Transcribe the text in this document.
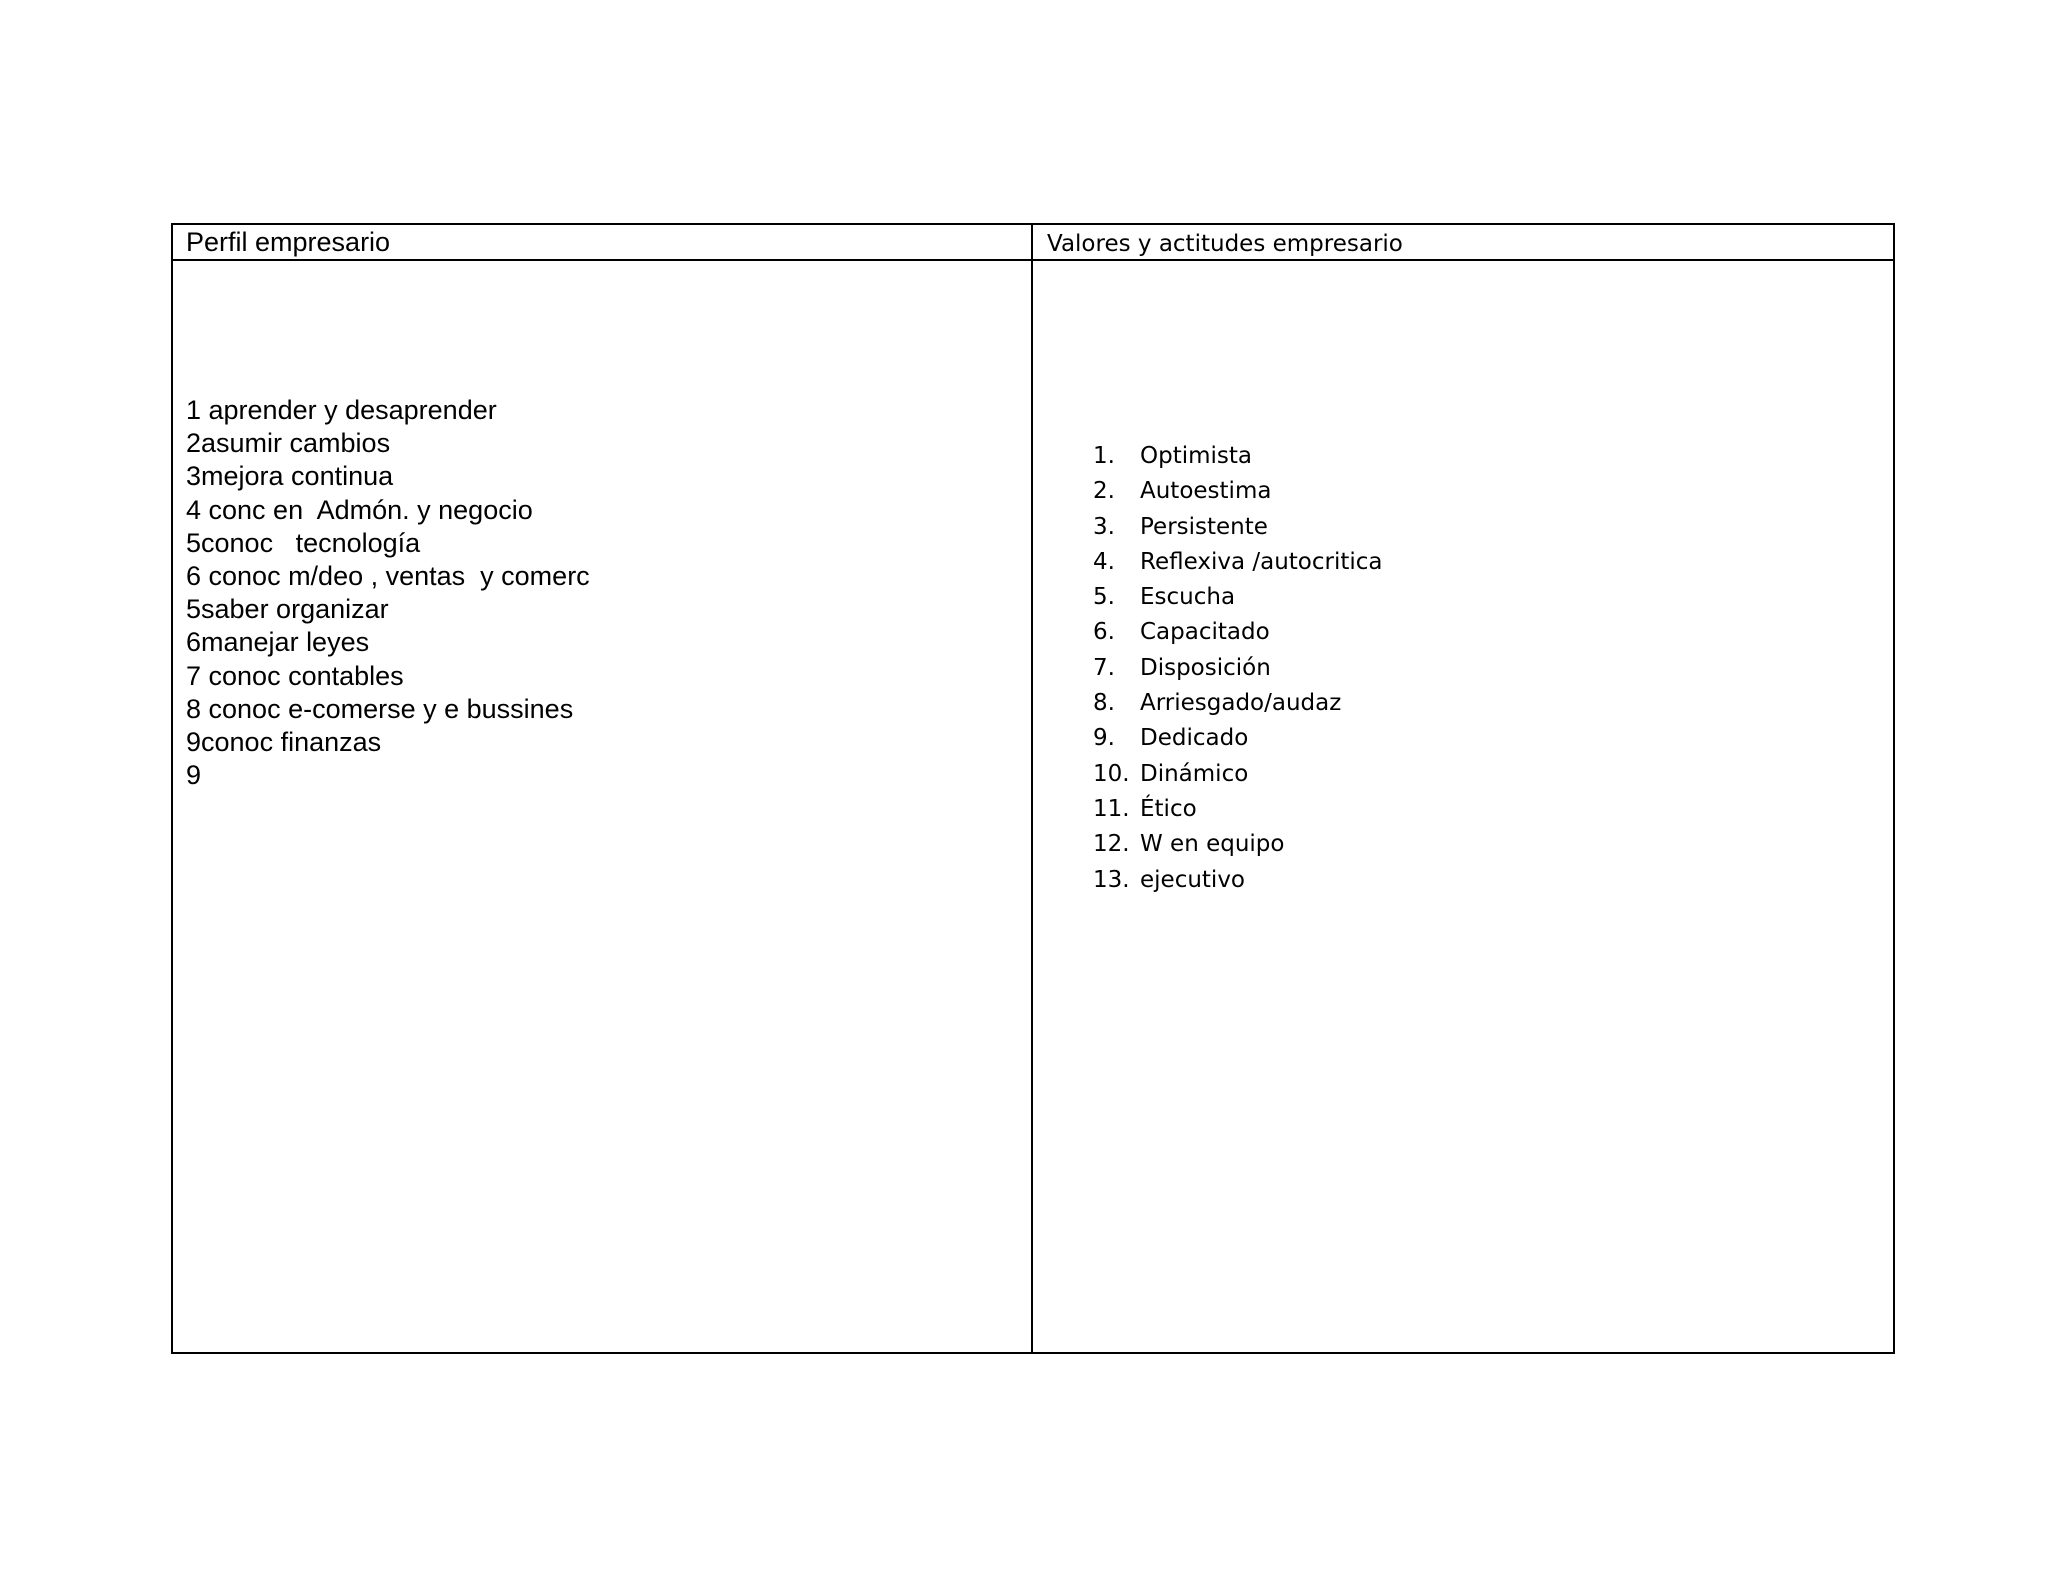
Perfil empresario	Valores y actitudes empresario
1 aprender y desaprender
2asumir cambios
3mejora continua
4 conc en  Admón. y negocio
5conoc   tecnología
6 conoc m/deo , ventas  y comerc
5saber organizar
6manejar leyes
7 conoc contables
8 conoc e-comerse y e bussines
9conoc finanzas
9
1.	Optimista
2.	Autoestima
3.	Persistente
4.	Reflexiva /autocritica
5.	Escucha
6.	Capacitado
7.	Disposición
8.	Arriesgado/audaz
9.	Dedicado
10. Dinámico
11. Ético
12. W en equipo
13. ejecutivo
